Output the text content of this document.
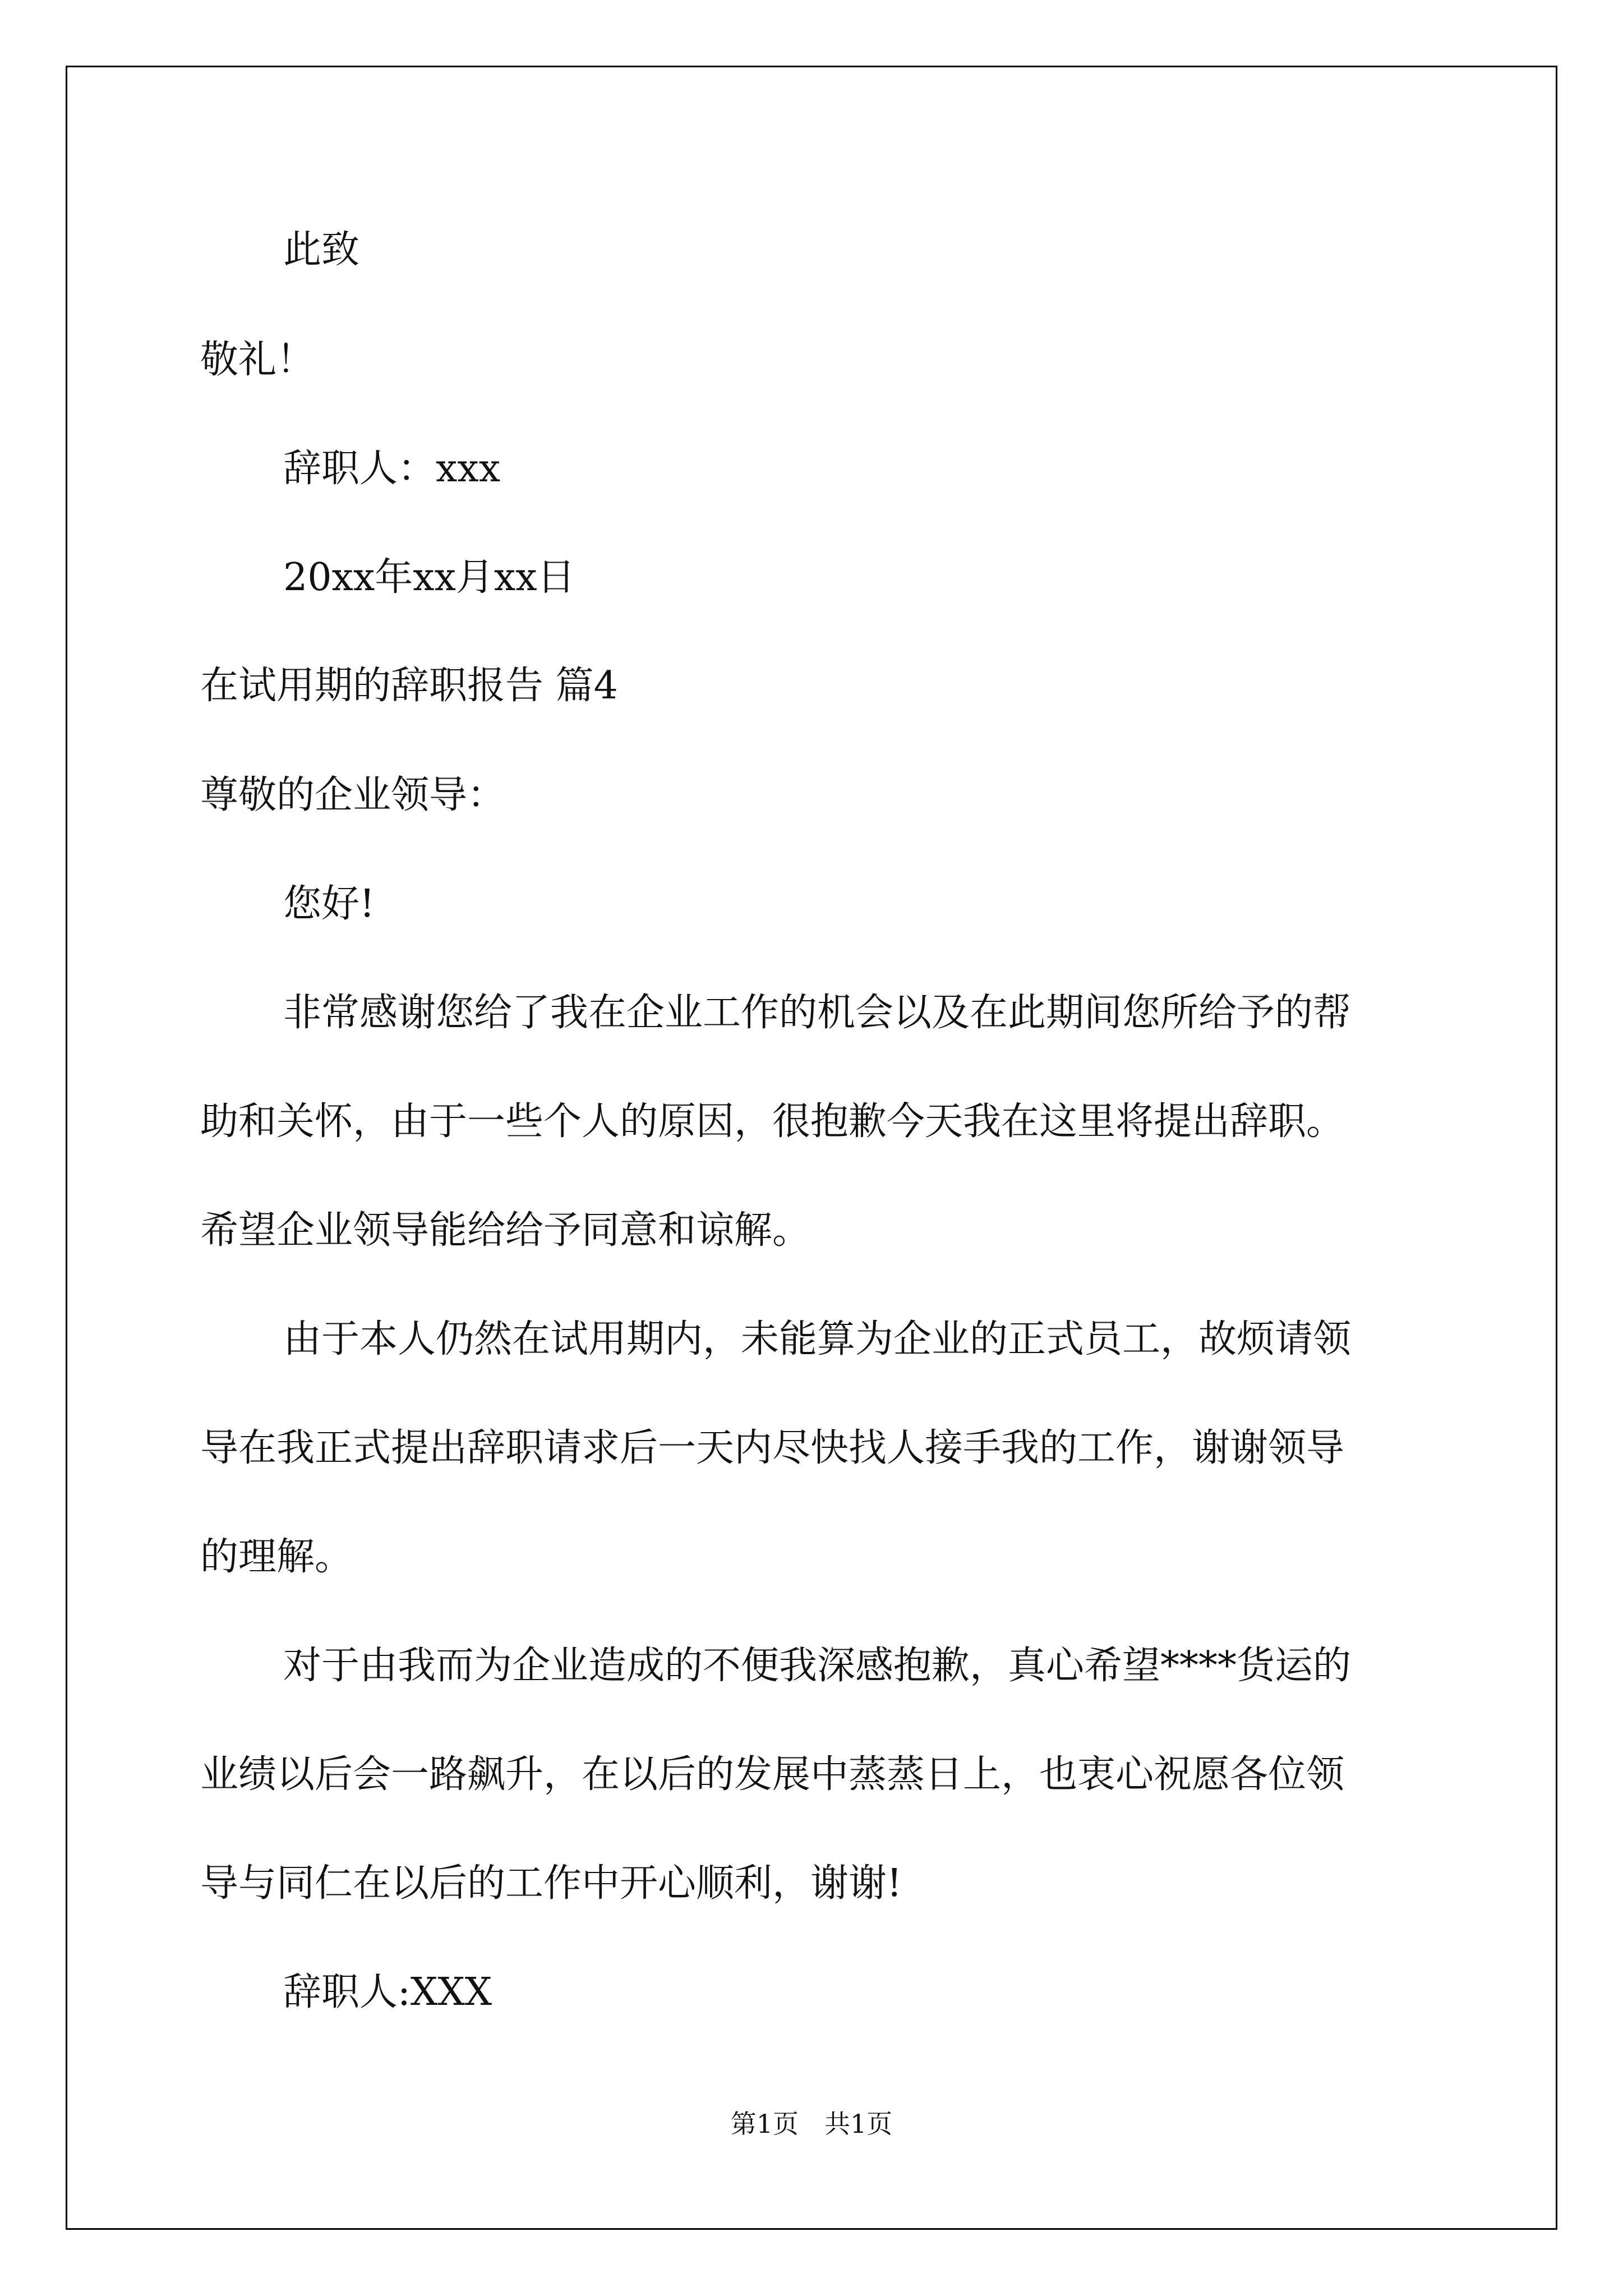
此致

敬礼！

辞职人：xxx

20xx年xx月xx日

在试用期的辞职报告 篇4

尊敬的企业领导：

您好!

非常感谢您给了我在企业工作的机会以及在此期间您所给予的帮

助和关怀，由于一些个人的原因，很抱歉今天我在这里将提出辞职。

希望企业领导能给给予同意和谅解。

由于本人仍然在试用期内，未能算为企业的正式员工，故烦请领

导在我正式提出辞职请求后一天内尽快找人接手我的工作，谢谢领导

的理解。

对于由我而为企业造成的不便我深感抱歉，真心希望****货运的

业绩以后会一路飙升，在以后的发展中蒸蒸日上，也衷心祝愿各位领

导与同仁在以后的工作中开心顺利，谢谢!

辞职人:XXX

第1页　共1页
